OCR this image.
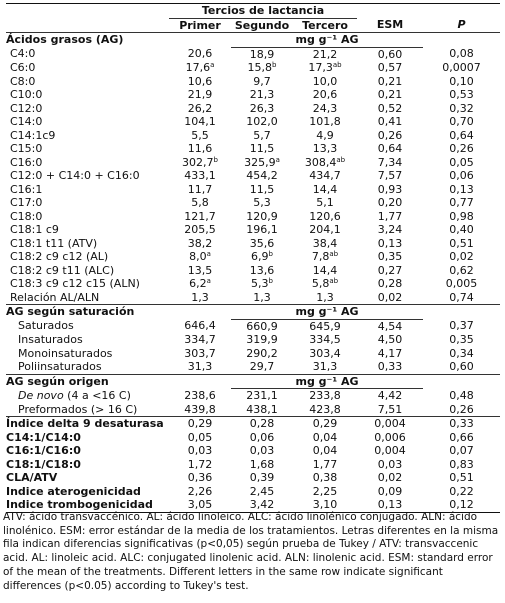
	Tercios de lactancia				
	Primer	Segundo	Tercero	ESM	P
Ácidos grasos (AG)		mg g⁻¹ AG			
C4:0	20,6	18,9	21,2	0,60	0,08
C6:0	17,6$^a$	15,8$^b$	17,3$^{ab}$	0,57	0,0007
C8:0	10,6	9,7	10,0	0,21	0,10
C10:0	21,9	21,3	20,6	0,21	0,53
C12:0	26,2	26,3	24,3	0,52	0,32
C14:0	104,1	102,0	101,8	0,41	0,70
C14:1c9	5,5	5,7	4,9	0,26	0,64
C15:0	11,6	11,5	13,3	0,64	0,26
C16:0	302,7$^b$	325,9$^a$	308,4$^{ab}$	7,34	0,05
C12:0 + C14:0 + C16:0	433,1	454,2	434,7	7,57	0,06
C16:1	11,7	11,5	14,4	0,93	0,13
C17:0	5,8	5,3	5,1	0,20	0,77
C18:0	121,7	120,9	120,6	1,77	0,98
C18:1 c9	205,5	196,1	204,1	3,24	0,40
C18:1 t11 (ATV)	38,2	35,6	38,4	0,13	0,51
C18:2 c9 c12 (AL)	8,0$^a$	6,9$^b$	7,8$^{ab}$	0,35	0,02
C18:2 c9 t11 (ALC)	13,5	13,6	14,4	0,27	0,62
C18:3 c9 c12 c15 (ALN)	6,2$^a$	5,3$^b$	5,8$^{ab}$	0,28	0,005
Relación AL/ALN	1,3	1,3	1,3	0,02	0,74
AG según saturación		mg g⁻¹ AG			
Saturados	646,4	660,9	645,9	4,54	0,37
Insaturados	334,7	319,9	334,5	4,50	0,35
Monoinsaturados	303,7	290,2	303,4	4,17	0,34
Poliinsaturados	31,3	29,7	31,3	0,33	0,60
AG según origen		mg g⁻¹ AG			
De novo (4 a <16 C)	238,6	231,1	233,8	4,42	0,48
Preformados (> 16 C)	439,8	438,1	423,8	7,51	0,26
Índice delta 9 desaturasa	0,29	0,28	0,29	0,004	0,33
C14:1/C14:0	0,05	0,06	0,04	0,006	0,66
C16:1/C16:0	0,03	0,03	0,04	0,004	0,07
C18:1/C18:0	1,72	1,68	1,77	0,03	0,83
CLA/ATV	0,36	0,39	0,38	0,02	0,51
Indice aterogenicidad	2,26	2,45	2,25	0,09	0,22
Indice trombogenicidad	3,05	3,42	3,10	0,13	0,12
ATV: ácido transvaccénico. AL: ácido linoleico. ALC: ácido linolénico conjugado. ALN: ácido linolénico. ESM: error estándar de la media de los tratamientos. Letras diferentes en la misma fila indican diferencias significativas (p<0,05) según prueba de Tukey / ATV: transvaccenic acid. AL: linoleic acid. ALC: conjugated linolenic acid. ALN: linolenic acid. ESM: standard error of the mean of the treatments. Different letters in the same row indicate significant differences (p<0.05) according to Tukey's test.
